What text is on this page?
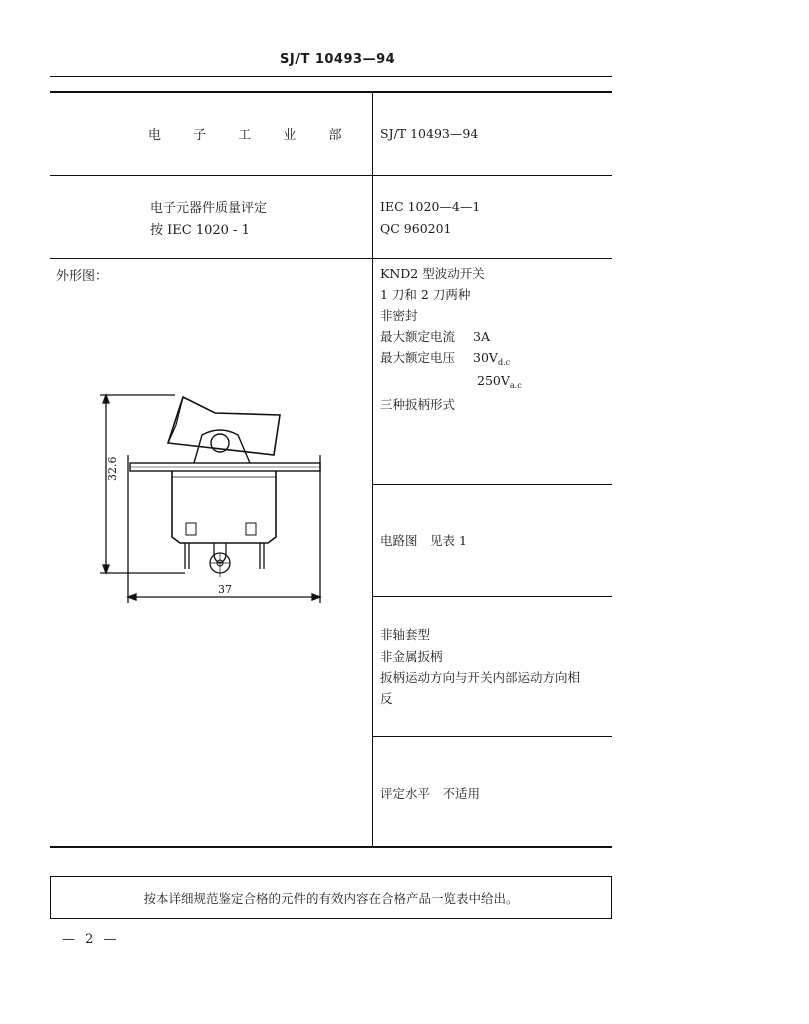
SJ/T 10493—94
电 子 工 业 部 SJ/T 10493—94
电子元器件质量评定
按 IEC 1020 - 1
IEC 1020—4—1
QC 960201
外形图：
32.6
37
KND2 型波动开关
1 刀和 2 刀两种
非密封
最大额定电流 3A
最大额定电压 $30V_{d.c}$
$250V_{a.c}$
三种扳柄形式
电路图　见表 1
非轴套型
非金属扳柄
扳柄运动方向与开关内部运动方向相
反
评定水平　不适用
按本详细规范鉴定合格的元件的有效内容在合格产品一览表中给出。
— 2 —
